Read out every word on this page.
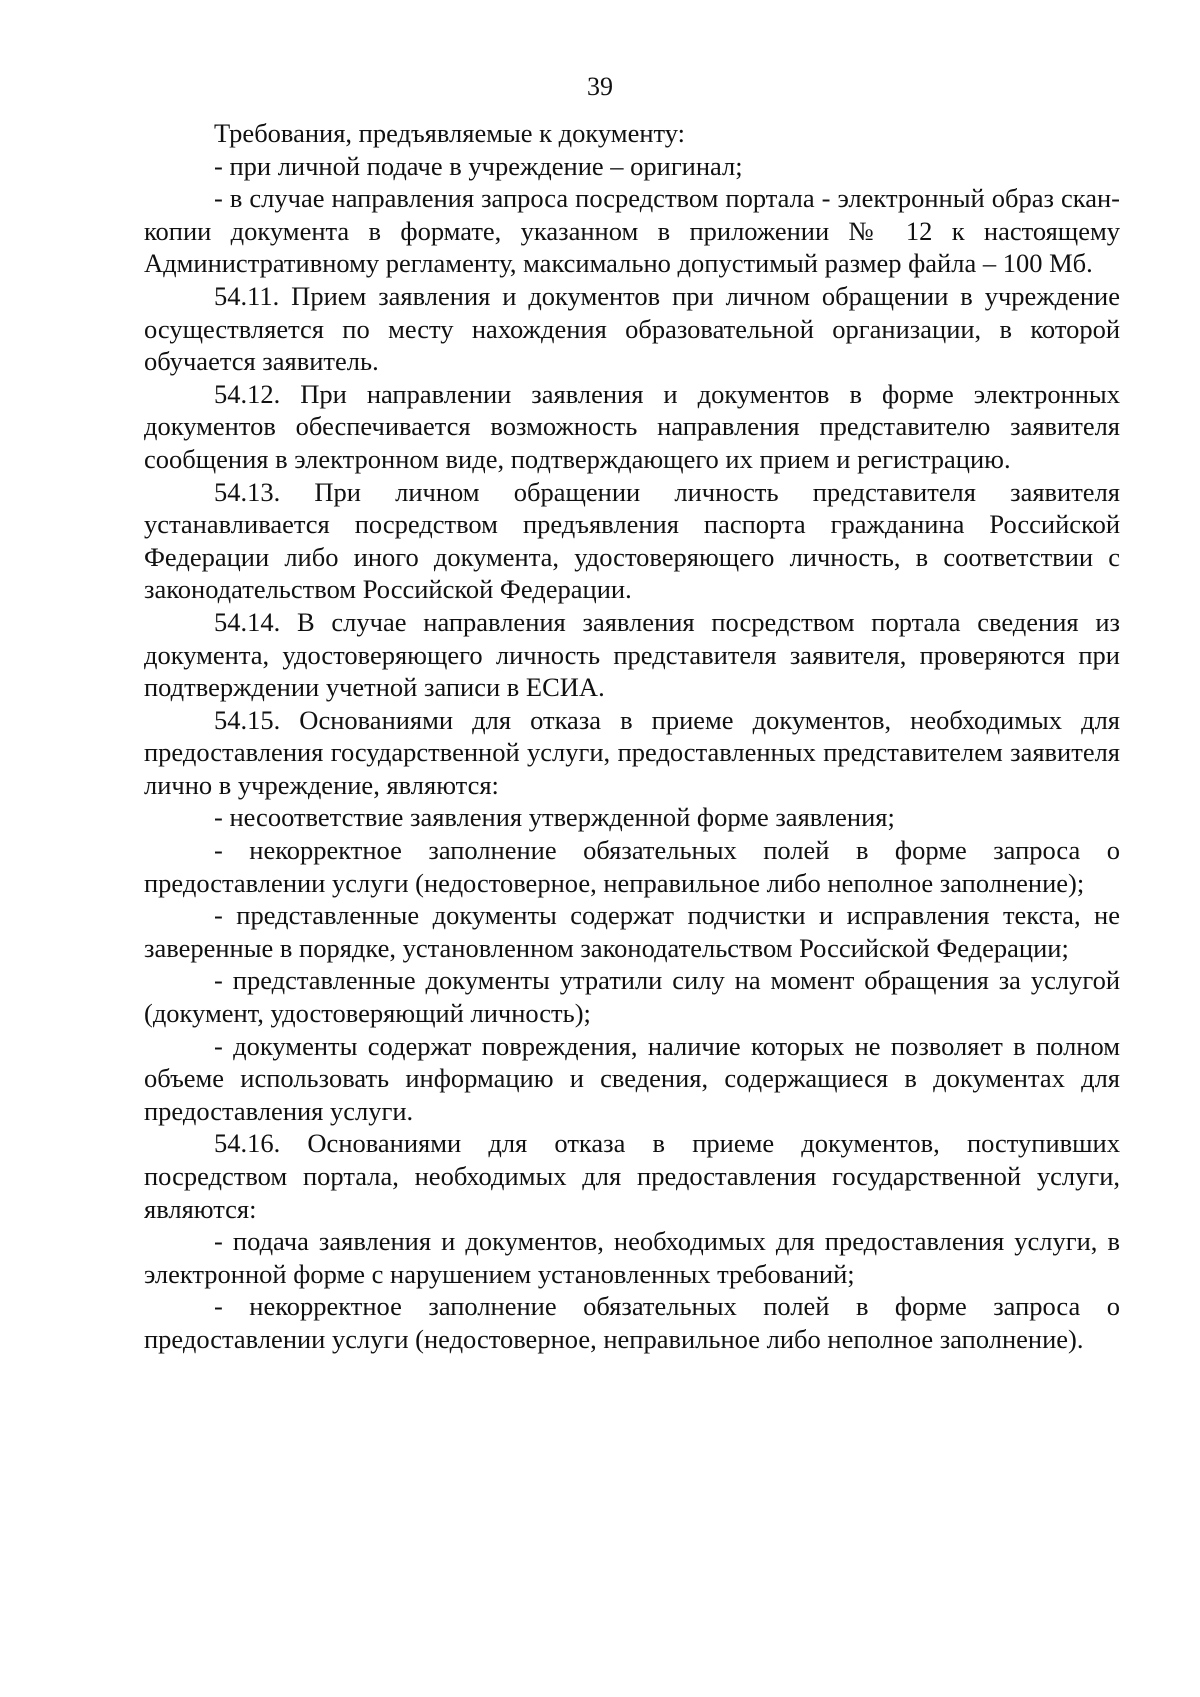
39

Требования, предъявляемые к документу:

- при личной подаче в учреждение – оригинал;

- в случае направления запроса посредством портала - электронный образ скан-копии документа в формате, указанном в приложении № 12 к настоящему Административному регламенту, максимально допустимый размер файла – 100 Мб.

54.11. Прием заявления и документов при личном обращении в учреждение осуществляется по месту нахождения образовательной организации, в которой обучается заявитель.

54.12. При направлении заявления и документов в форме электронных документов обеспечивается возможность направления представителю заявителя сообщения в электронном виде, подтверждающего их прием и регистрацию.

54.13. При личном обращении личность представителя заявителя устанавливается посредством предъявления паспорта гражданина Российской Федерации либо иного документа, удостоверяющего личность, в соответствии с законодательством Российской Федерации.

54.14. В случае направления заявления посредством портала сведения из документа, удостоверяющего личность представителя заявителя, проверяются при подтверждении учетной записи в ЕСИА.

54.15. Основаниями для отказа в приеме документов, необходимых для предоставления государственной услуги, предоставленных представителем заявителя лично в учреждение, являются:

- несоответствие заявления утвержденной форме заявления;

- некорректное заполнение обязательных полей в форме запроса о предоставлении услуги (недостоверное, неправильное либо неполное заполнение);

- представленные документы содержат подчистки и исправления текста, не заверенные в порядке, установленном законодательством Российской Федерации;

- представленные документы утратили силу на момент обращения за услугой (документ, удостоверяющий личность);

- документы содержат повреждения, наличие которых не позволяет в полном объеме использовать информацию и сведения, содержащиеся в документах для предоставления услуги.

54.16. Основаниями для отказа в приеме документов, поступивших посредством портала, необходимых для предоставления государственной услуги, являются:

- подача заявления и документов, необходимых для предоставления услуги, в электронной форме с нарушением установленных требований;

- некорректное заполнение обязательных полей в форме запроса о предоставлении услуги (недостоверное, неправильное либо неполное заполнение).
